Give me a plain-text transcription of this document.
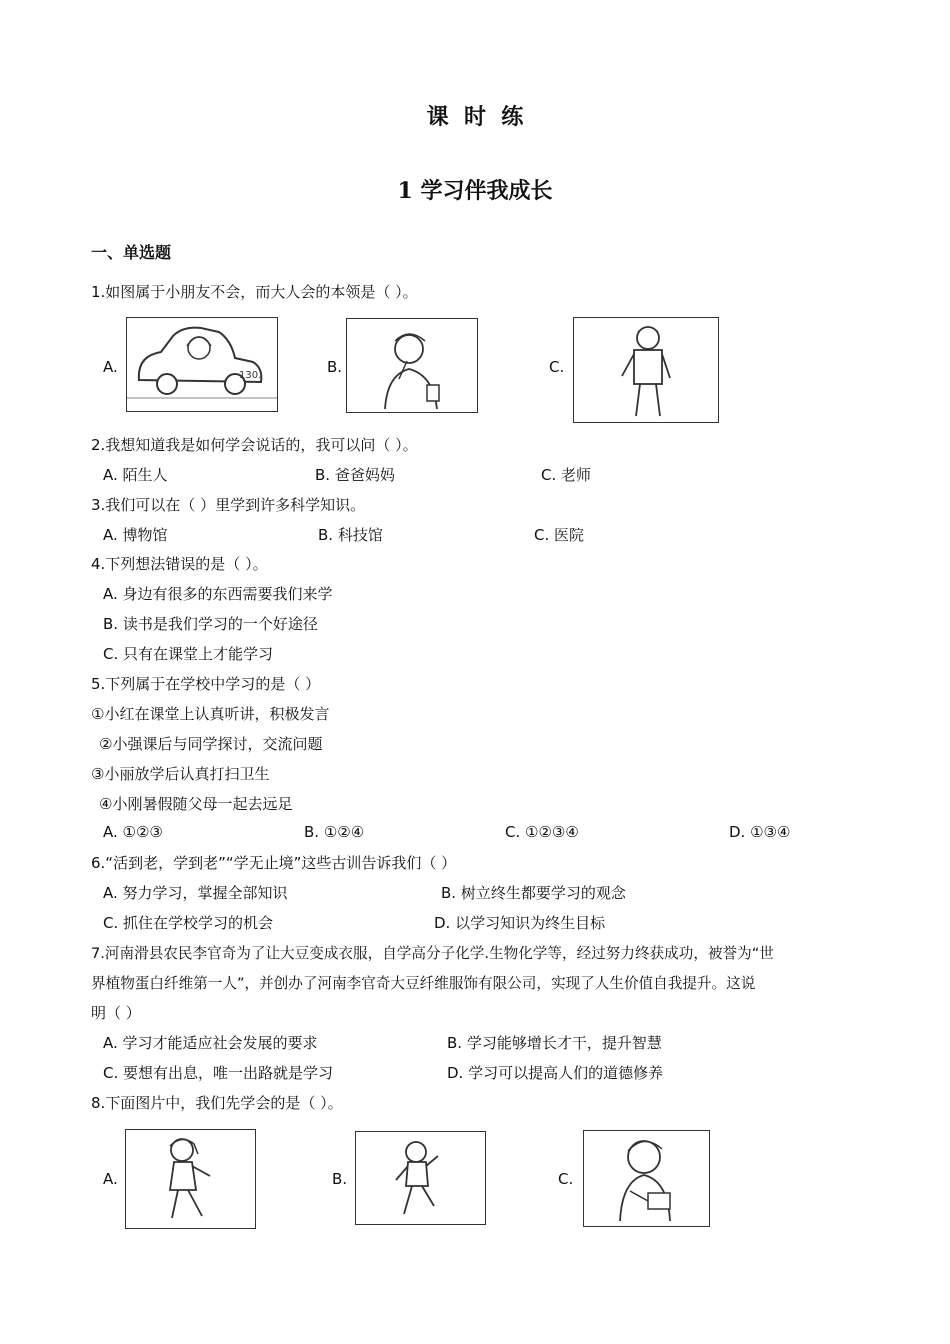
课  时  练
1 学习伴我成长
一、单选题
1.如图属于小朋友不会，而大人会的本领是（ ）。
A.	130.	B.	C.
2.我想知道我是如何学会说话的，我可以问（ ）。
A. 陌生人	B. 爸爸妈妈	C. 老师
3.我们可以在（ ）里学到许多科学知识。
A. 博物馆	B. 科技馆	C. 医院
4.下列想法错误的是（ ）。
A. 身边有很多的东西需要我们来学
B. 读书是我们学习的一个好途径
C. 只有在课堂上才能学习
5.下列属于在学校中学习的是（ ）
①小红在课堂上认真听讲，积极发言
②小强课后与同学探讨，交流问题
③小丽放学后认真打扫卫生
④小刚暑假随父母一起去远足
A. ①②③	B. ①②④	C. ①②③④	D. ①③④
6.“活到老，学到老”“学无止境”这些古训告诉我们（ ）
A. 努力学习，掌握全部知识	B. 树立终生都要学习的观念
C. 抓住在学校学习的机会	D. 以学习知识为终生目标
7.河南滑县农民李官奇为了让大豆变成衣服，自学高分子化学.生物化学等，经过努力终获成功，被誉为“世
界植物蛋白纤维第一人”，并创办了河南李官奇大豆纤维服饰有限公司，实现了人生价值自我提升。这说
明（ ）
A. 学习才能适应社会发展的要求	B. 学习能够增长才干，提升智慧
C. 要想有出息，唯一出路就是学习	D. 学习可以提高人们的道德修养
8.下面图片中，我们先学会的是（ ）。
A.	B.	C.
